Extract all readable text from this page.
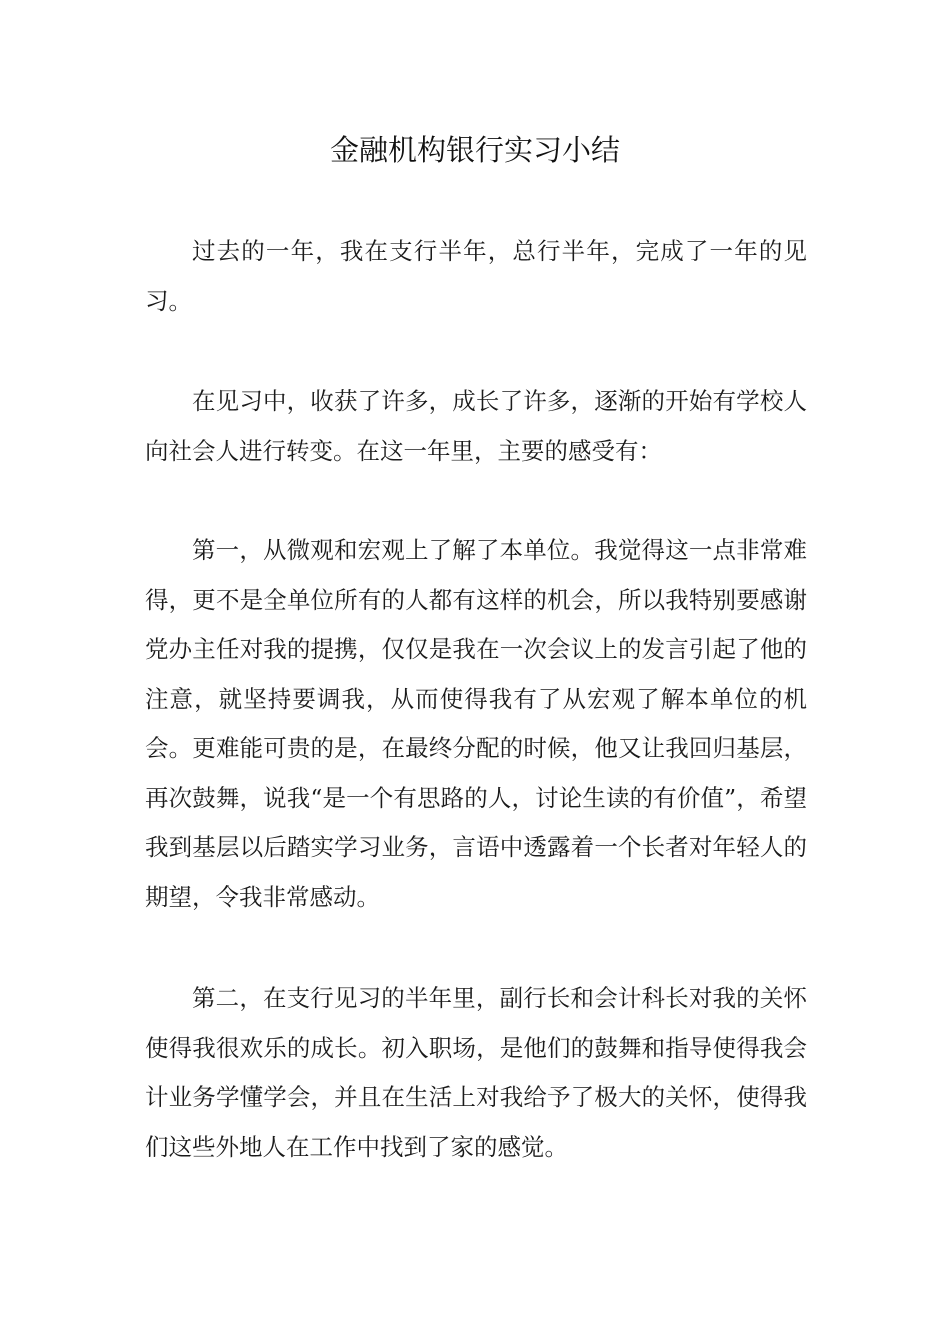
金融机构银行实习小结

过去的一年，我在支行半年，总行半年，完成了一年的见习。

在见习中，收获了许多，成长了许多，逐渐的开始有学校人向社会人进行转变。在这一年里，主要的感受有：

第一，从微观和宏观上了解了本单位。我觉得这一点非常难得，更不是全单位所有的人都有这样的机会，所以我特别要感谢党办主任对我的提携，仅仅是我在一次会议上的发言引起了他的注意，就坚持要调我，从而使得我有了从宏观了解本单位的机会。更难能可贵的是，在最终分配的时候，他又让我回归基层，再次鼓舞，说我“是一个有思路的人，讨论生读的有价值”，希望我到基层以后踏实学习业务，言语中透露着一个长者对年轻人的期望，令我非常感动。

第二，在支行见习的半年里，副行长和会计科长对我的关怀使得我很欢乐的成长。初入职场，是他们的鼓舞和指导使得我会计业务学懂学会，并且在生活上对我给予了极大的关怀，使得我们这些外地人在工作中找到了家的感觉。
